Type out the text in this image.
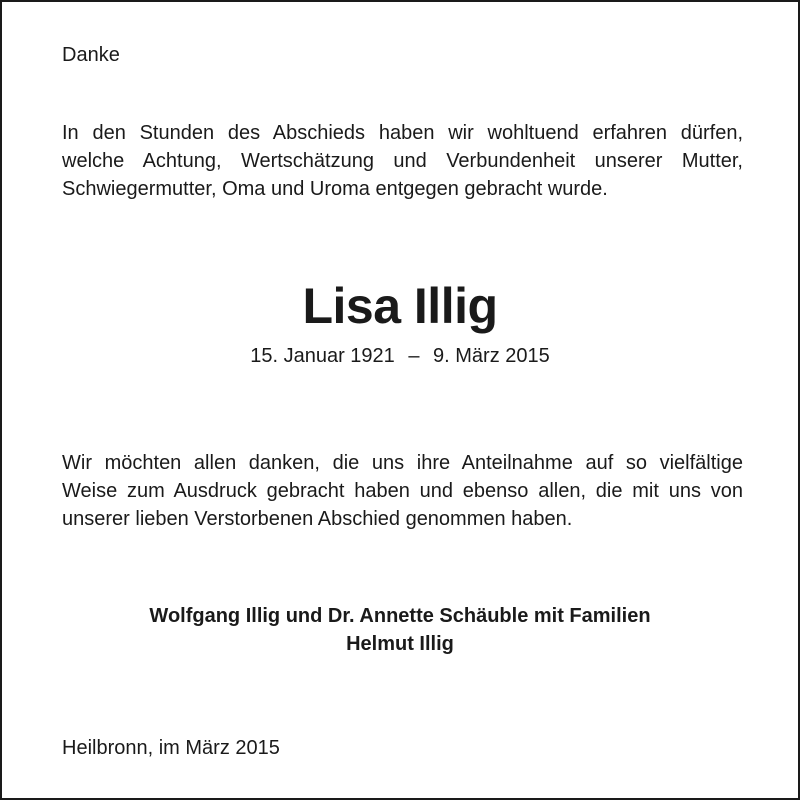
Danke

In den Stunden des Abschieds haben wir wohltuend erfahren dürfen,
welche Achtung, Wertschätzung und Verbundenheit unserer Mutter,
Schwiegermutter, Oma und Uroma entgegen gebracht wurde.

Lisa Illig
15. Januar 1921 – 9. März 2015

Wir möchten allen danken, die uns ihre Anteilnahme auf so vielfältige
Weise zum Ausdruck gebracht haben und ebenso allen, die mit uns von
unserer lieben Verstorbenen Abschied genommen haben.

Wolfgang Illig und Dr. Annette Schäuble mit Familien
Helmut Illig
Heilbronn, im März 2015
